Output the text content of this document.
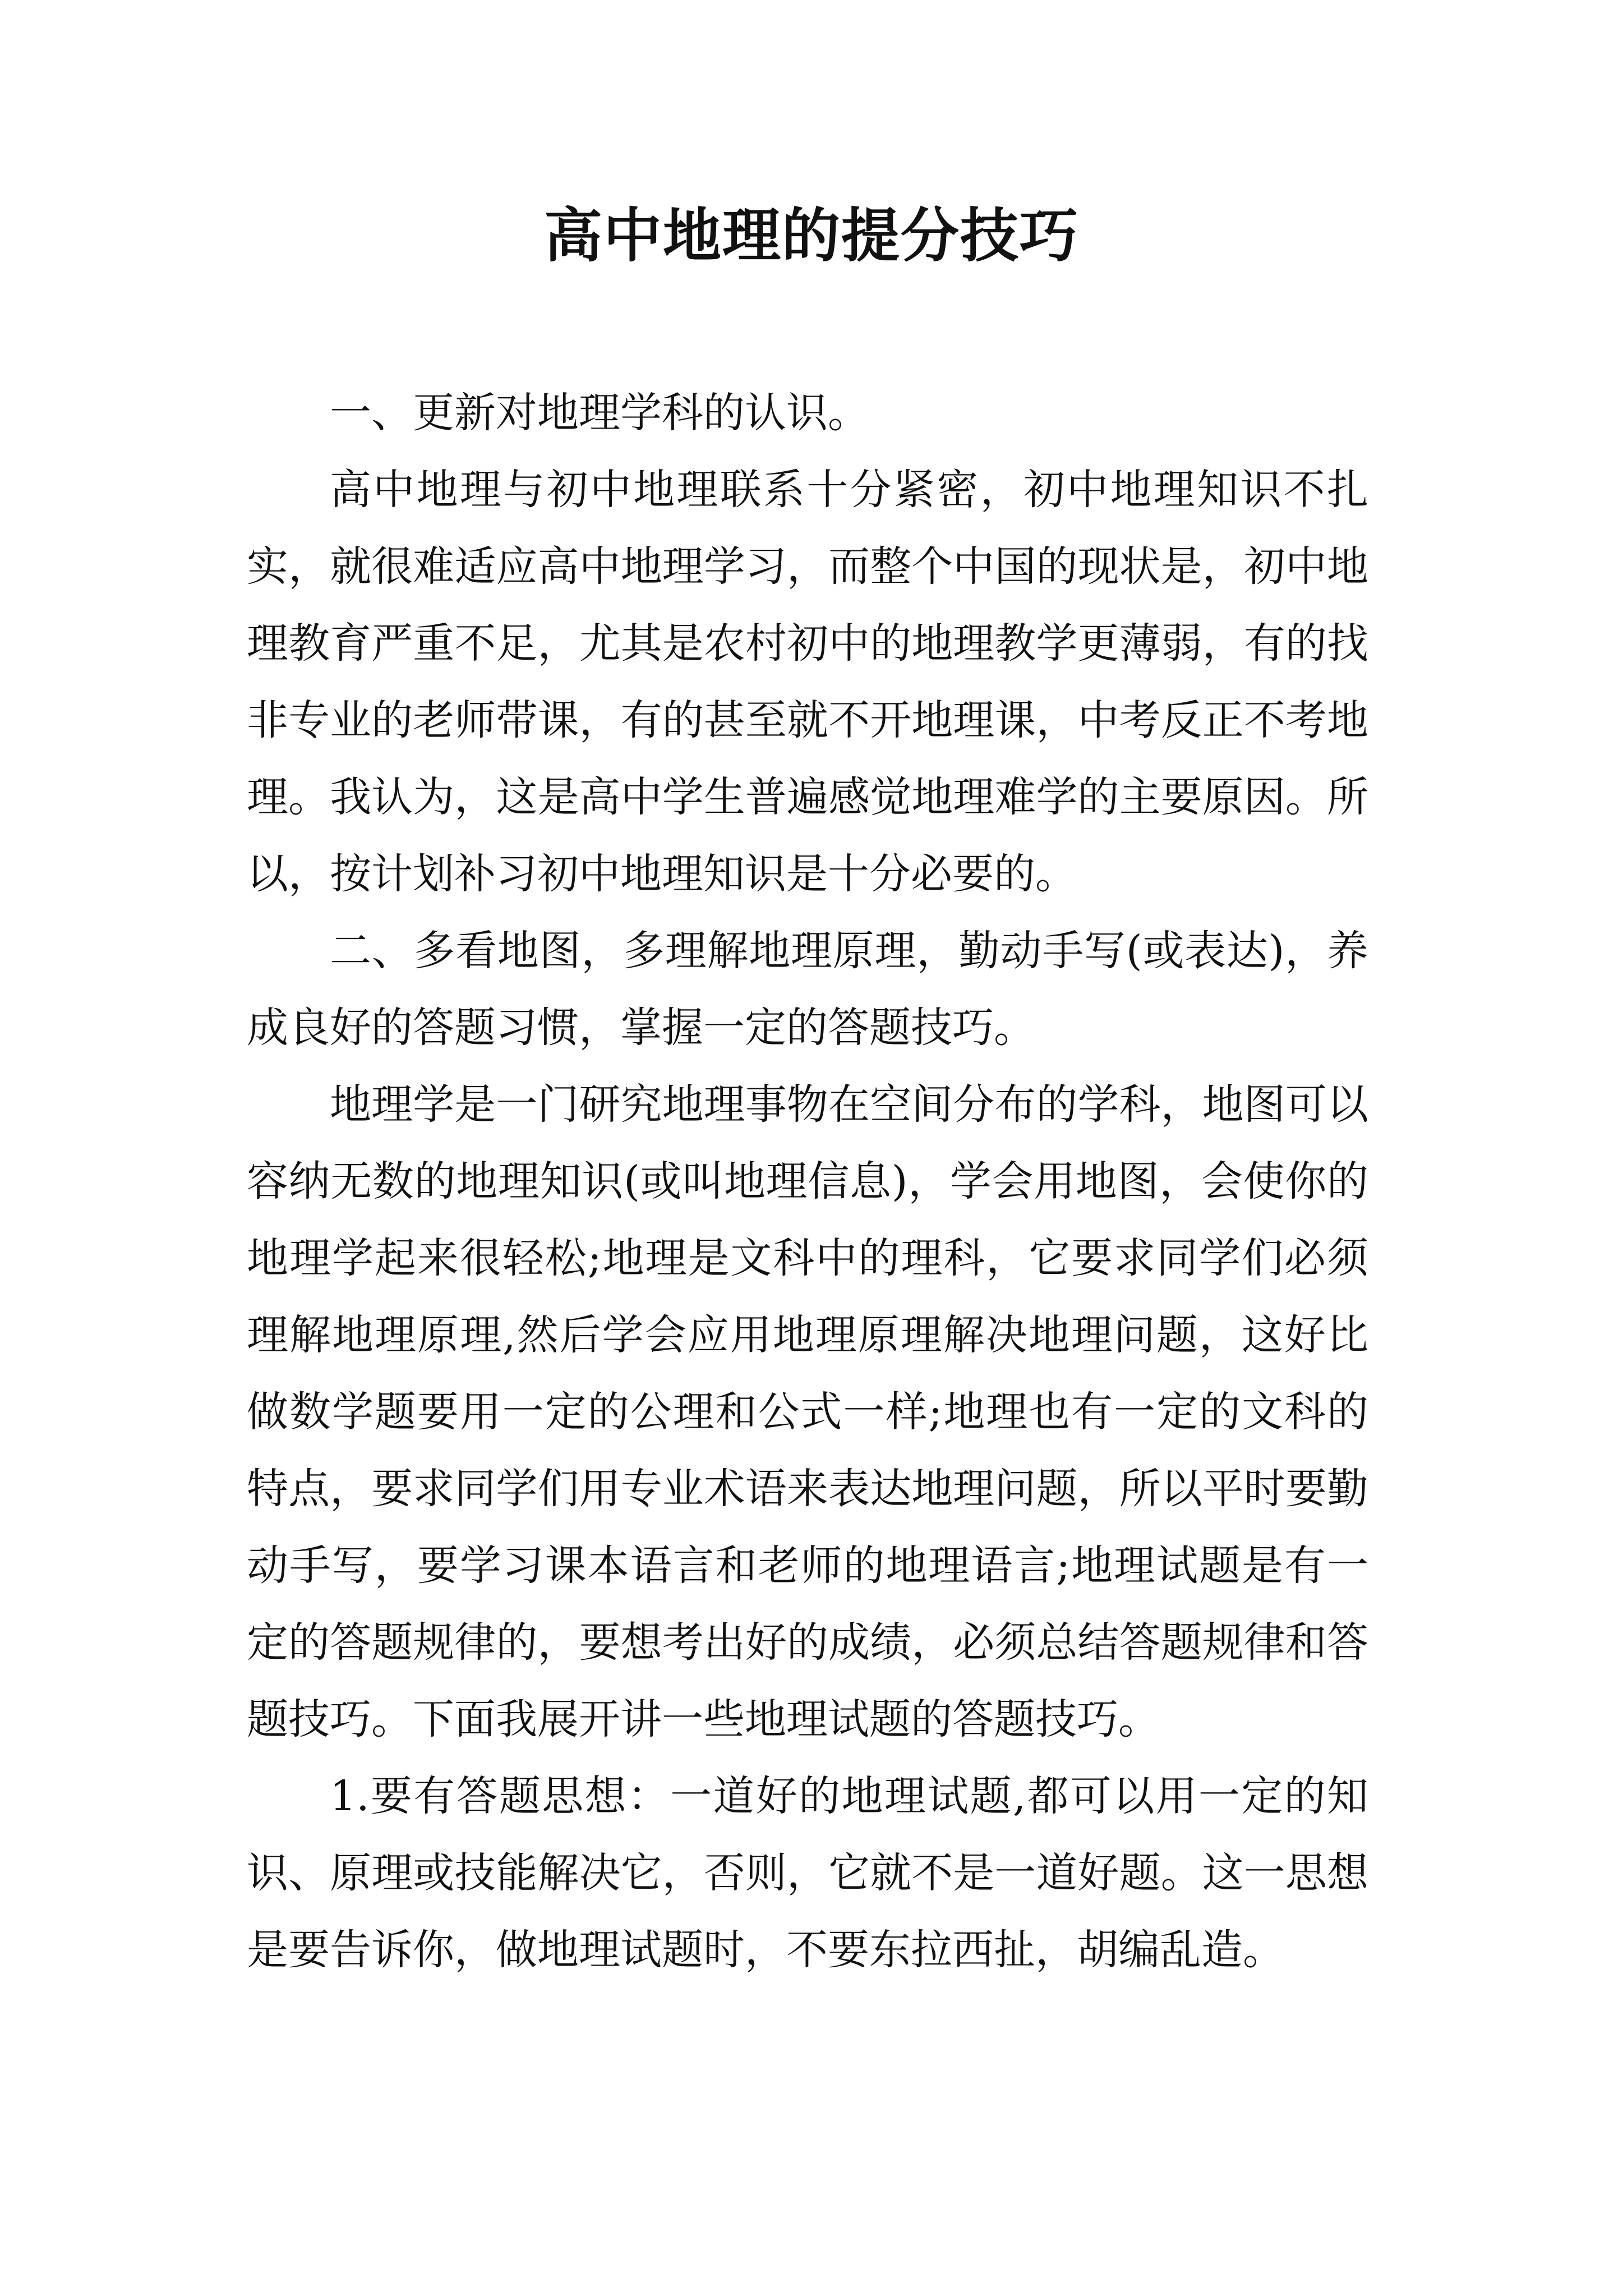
高中地理的提分技巧

一、更新对地理学科的认识。

高中地理与初中地理联系十分紧密，初中地理知识不扎实，就很难适应高中地理学习，而整个中国的现状是，初中地理教育严重不足，尤其是农村初中的地理教学更薄弱，有的找非专业的老师带课，有的甚至就不开地理课，中考反正不考地理。我认为，这是高中学生普遍感觉地理难学的主要原因。所以，按计划补习初中地理知识是十分必要的。

二、多看地图，多理解地理原理，勤动手写(或表达)，养成良好的答题习惯，掌握一定的答题技巧。

地理学是一门研究地理事物在空间分布的学科，地图可以容纳无数的地理知识(或叫地理信息)，学会用地图，会使你的地理学起来很轻松;地理是文科中的理科，它要求同学们必须理解地理原理,然后学会应用地理原理解决地理问题，这好比做数学题要用一定的公理和公式一样;地理也有一定的文科的特点，要求同学们用专业术语来表达地理问题，所以平时要勤动手写，要学习课本语言和老师的地理语言;地理试题是有一定的答题规律的，要想考出好的成绩，必须总结答题规律和答题技巧。下面我展开讲一些地理试题的答题技巧。

1.要有答题思想：一道好的地理试题,都可以用一定的知识、原理或技能解决它，否则，它就不是一道好题。这一思想是要告诉你，做地理试题时，不要东拉西扯，胡编乱造。
